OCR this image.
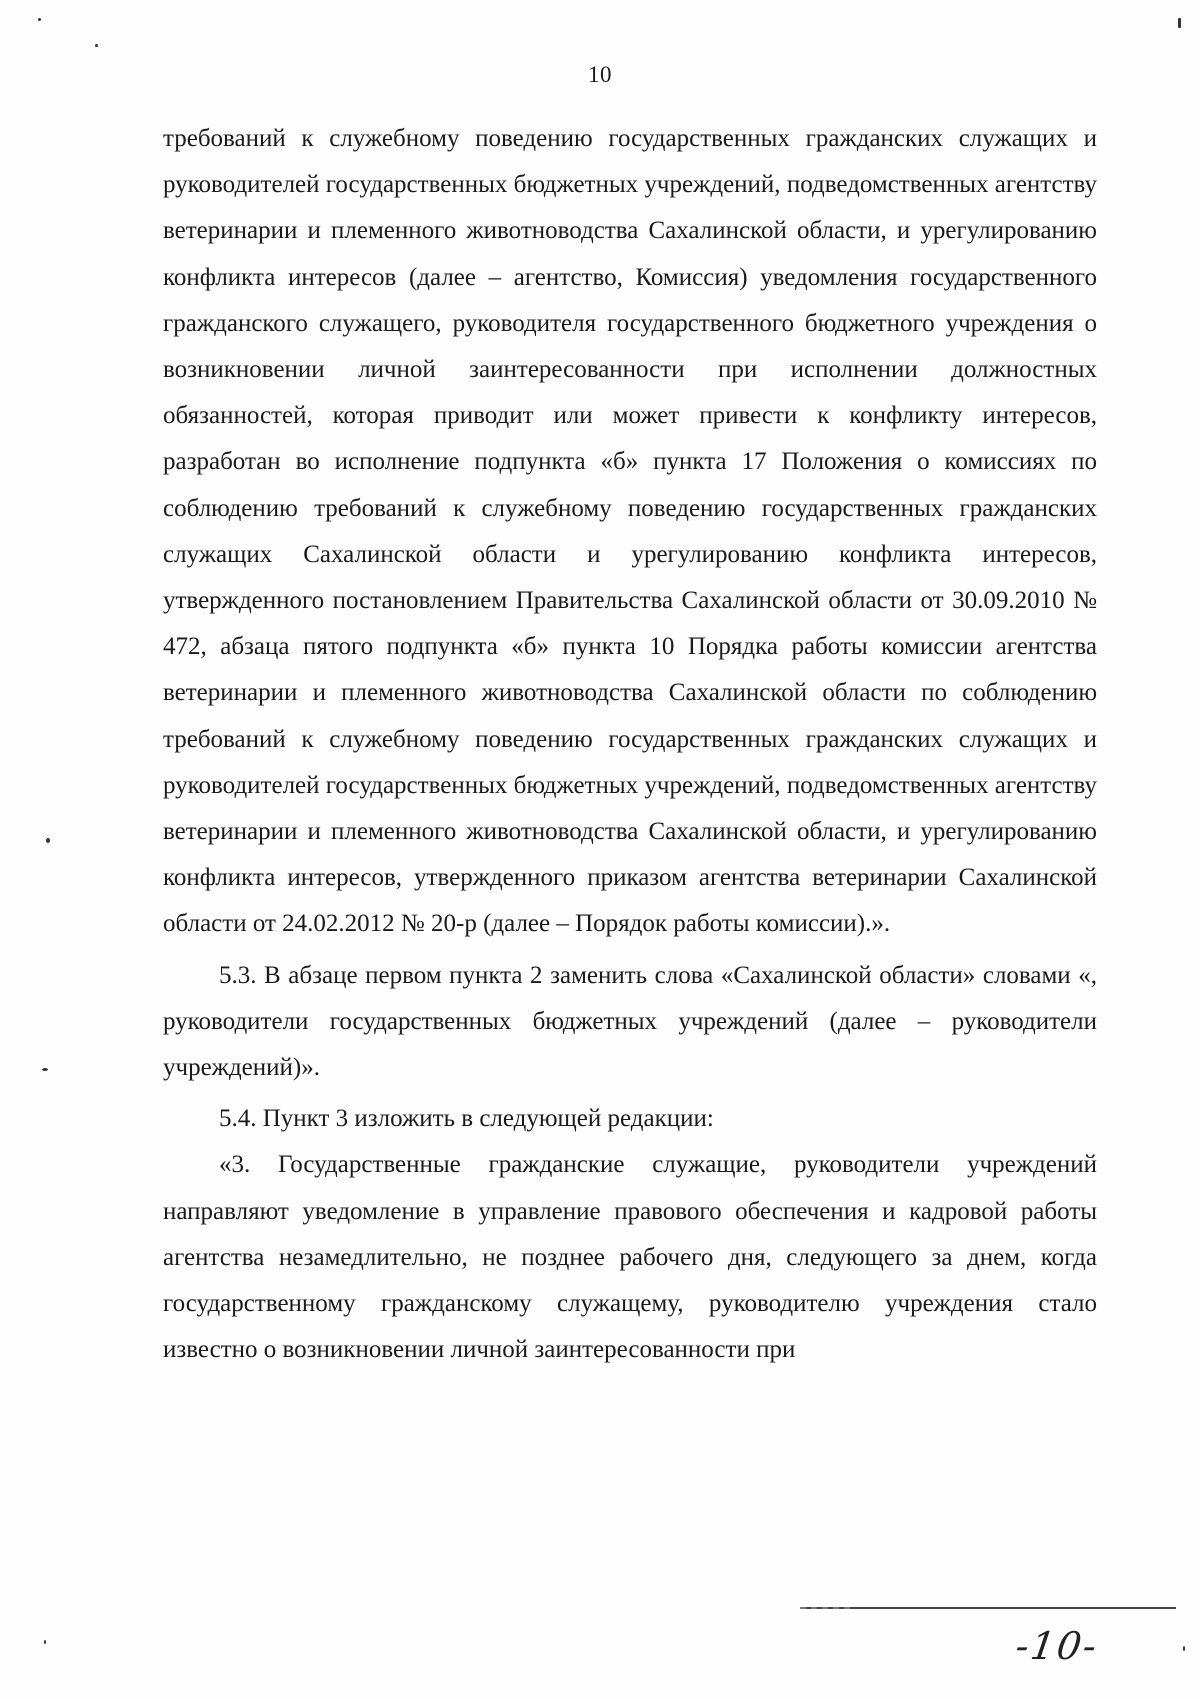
10

требований к служебному поведению государственных гражданских служащих и руководителей государственных бюджетных учреждений, подведомственных агентству ветеринарии и племенного животноводства Сахалинской области, и урегулированию конфликта интересов (далее – агентство, Комиссия) уведомления государственного гражданского служащего, руководителя государственного бюджетного учреждения о возникновении личной заинтересованности при исполнении должностных обязанностей, которая приводит или может привести к конфликту интересов, разработан во исполнение подпункта «б» пункта 17 Положения о комиссиях по соблюдению требований к служебному поведению государственных гражданских служащих Сахалинской области и урегулированию конфликта интересов, утвержденного постановлением Правительства Сахалинской области от 30.09.2010 № 472, абзаца пятого подпункта «б» пункта 10 Порядка работы комиссии агентства ветеринарии и племенного животноводства Сахалинской области по соблюдению требований к служебному поведению государственных гражданских служащих и руководителей государственных бюджетных учреждений, подведомственных агентству ветеринарии и племенного животноводства Сахалинской области, и урегулированию конфликта интересов, утвержденного приказом агентства ветеринарии Сахалинской области от 24.02.2012 № 20-р (далее – Порядок работы комиссии).».

5.3. В абзаце первом пункта 2 заменить слова «Сахалинской области» словами «, руководители государственных бюджетных учреждений (далее – руководители учреждений)».

5.4. Пункт 3 изложить в следующей редакции:

«3. Государственные гражданские служащие, руководители учреждений направляют уведомление в управление правового обеспечения и кадровой работы агентства незамедлительно, не позднее рабочего дня, следующего за днем, когда государственному гражданскому служащему, руководителю учреждения стало известно о возникновении личной заинтересованности при

-10-
